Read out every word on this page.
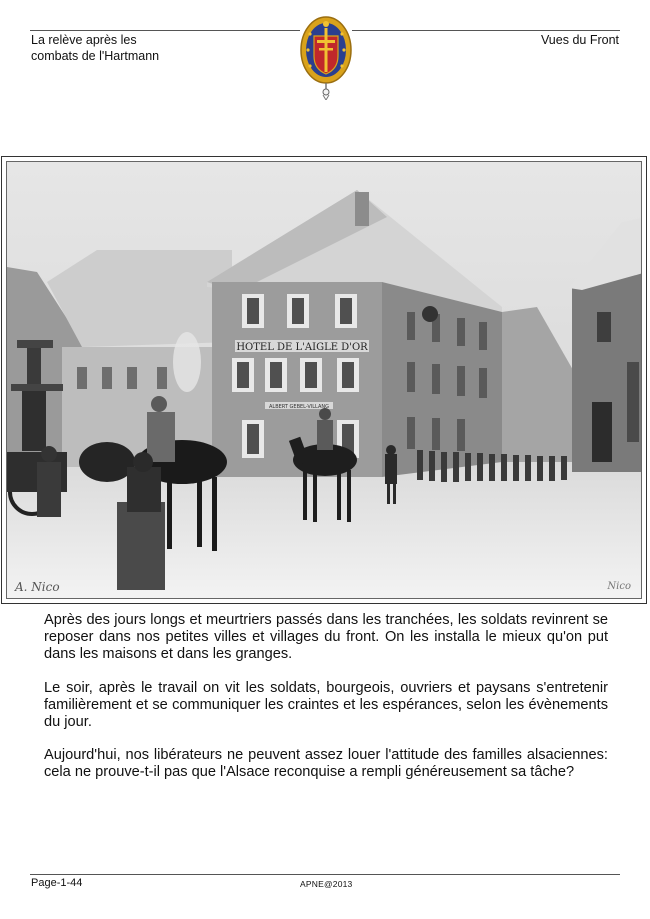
La relève après les
combats de l'Hartmann
Vues du Front
HOTEL DE L'AIGLE D'OR
ALBERT GEBEL-VILLANG
A. Nico	Nico

Après des jours longs et meurtriers passés dans les tranchées, les soldats revinrent se reposer dans nos petites villes et villages du front. On les installa le mieux qu'on put dans les maisons et dans les granges.

Le soir, après le travail on vit les soldats, bourgeois, ouvriers et paysans s'entretenir familièrement et se communiquer les craintes et les espérances, selon les évènements du jour.

Aujourd'hui, nos libérateurs ne peuvent assez louer l'attitude des familles alsaciennes: cela ne prouve-t-il pas que l'Alsace reconquise a rempli généreusement sa tâche?

Page-1-44	APNE@2013
